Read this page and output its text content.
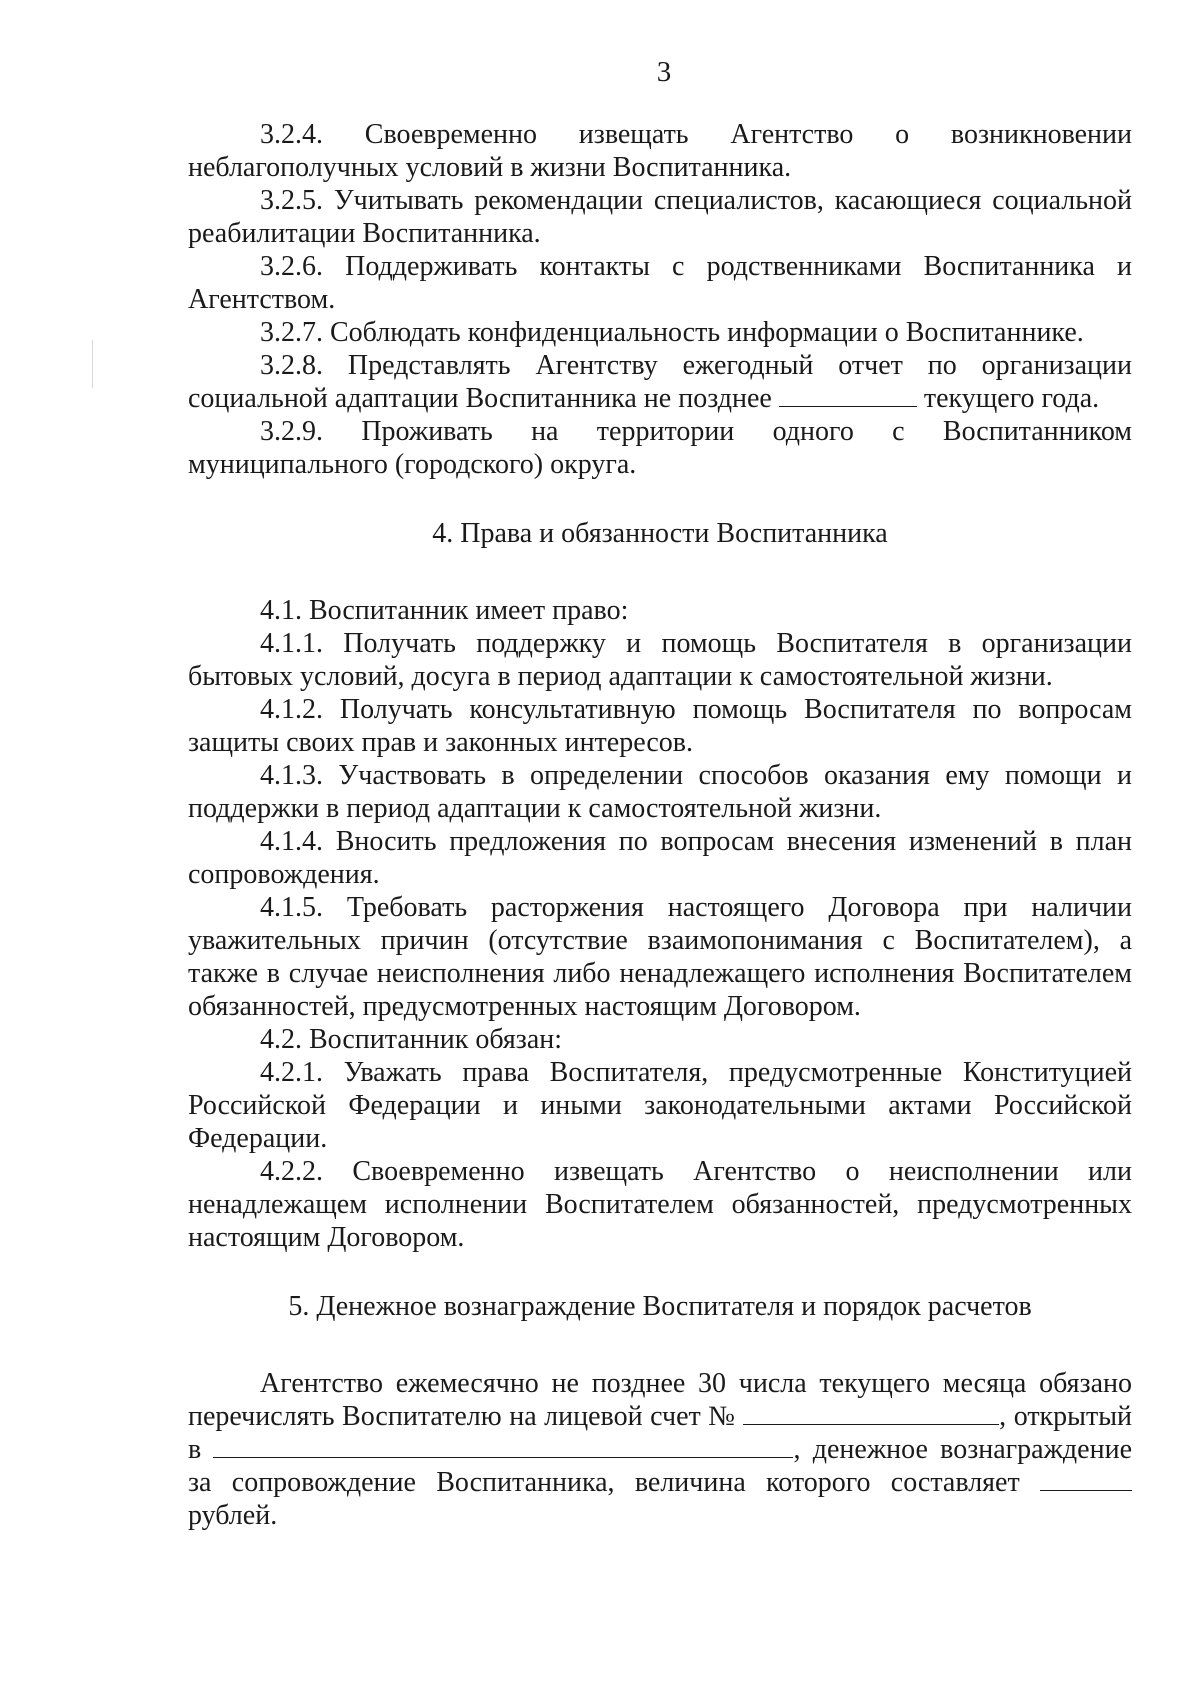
3

3.2.4. Своевременно извещать Агентство о возникновении неблагополучных условий в жизни Воспитанника.

3.2.5. Учитывать рекомендации специалистов, касающиеся социальной реабилитации Воспитанника.

3.2.6. Поддерживать контакты с родственниками Воспитанника и Агентством.

3.2.7. Соблюдать конфиденциальность информации о Воспитаннике.

3.2.8. Представлять Агентству ежегодный отчет по организации социальной адаптации Воспитанника не позднее	текущего года.

3.2.9. Проживать на территории одного с Воспитанником муниципального (городского) округа.

4. Права и обязанности Воспитанника

4.1. Воспитанник имеет право:

4.1.1. Получать поддержку и помощь Воспитателя в организации бытовых условий, досуга в период адаптации к самостоятельной жизни.

4.1.2. Получать консультативную помощь Воспитателя по вопросам защиты своих прав и законных интересов.

4.1.3. Участвовать в определении способов оказания ему помощи и поддержки в период адаптации к самостоятельной жизни.

4.1.4. Вносить предложения по вопросам внесения изменений в план сопровождения.

4.1.5. Требовать расторжения настоящего Договора при наличии уважительных причин (отсутствие взаимопонимания с Воспитателем), а также в случае неисполнения либо ненадлежащего исполнения Воспитателем обязанностей, предусмотренных настоящим Договором.

4.2. Воспитанник обязан:

4.2.1. Уважать права Воспитателя, предусмотренные Конституцией Российской Федерации и иными законодательными актами Российской Федерации.

4.2.2. Своевременно извещать Агентство о неисполнении или ненадлежащем исполнении Воспитателем обязанностей, предусмотренных настоящим Договором.

5. Денежное вознаграждение Воспитателя и порядок расчетов

Агентство ежемесячно не позднее 30 числа текущего месяца обязано перечислять Воспитателю на лицевой счет №	, открытый в	, денежное вознаграждение за сопровождение Воспитанника, величина которого составляет  рублей.
